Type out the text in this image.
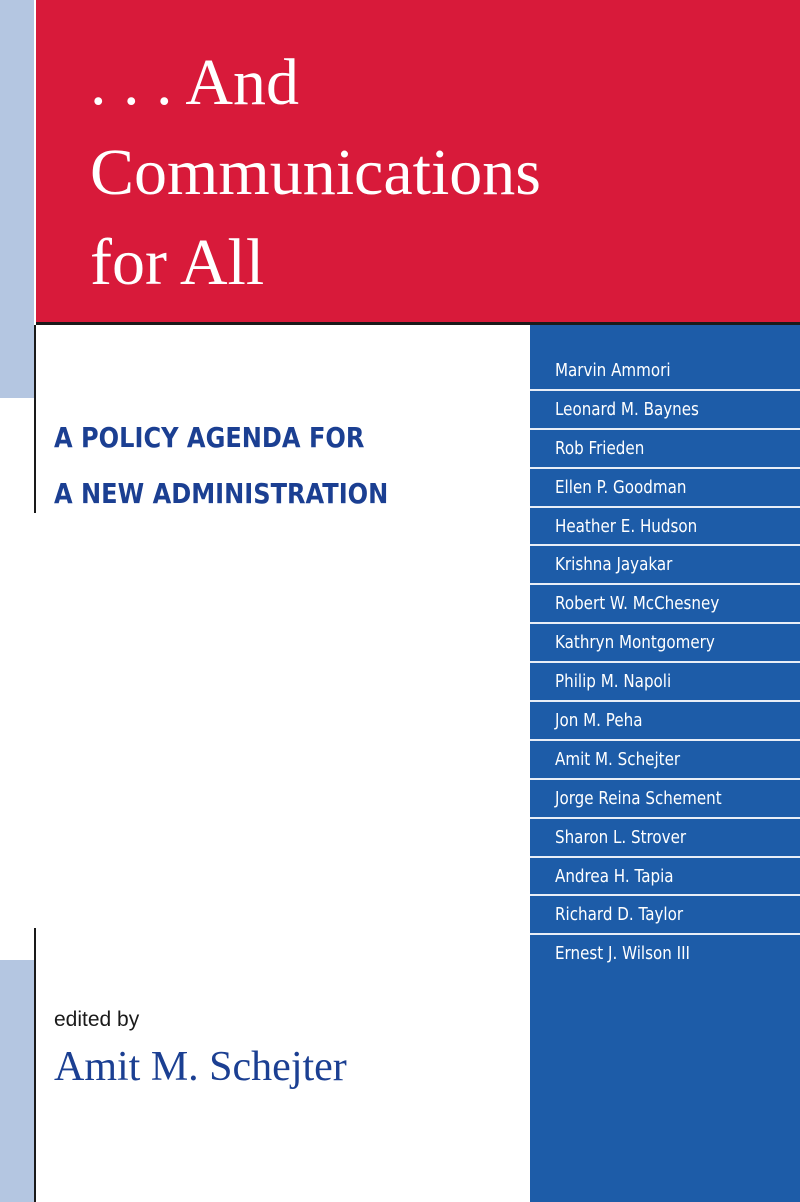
. . . And
Communications
for All
A POLICY AGENDA FOR
A NEW ADMINISTRATION
edited by
Amit M. Schejter
Marvin Ammori
Leonard M. Baynes
Rob Frieden
Ellen P. Goodman
Heather E. Hudson
Krishna Jayakar
Robert W. McChesney
Kathryn Montgomery
Philip M. Napoli
Jon M. Peha
Amit M. Schejter
Jorge Reina Schement
Sharon L. Strover
Andrea H. Tapia
Richard D. Taylor
Ernest J. Wilson III
